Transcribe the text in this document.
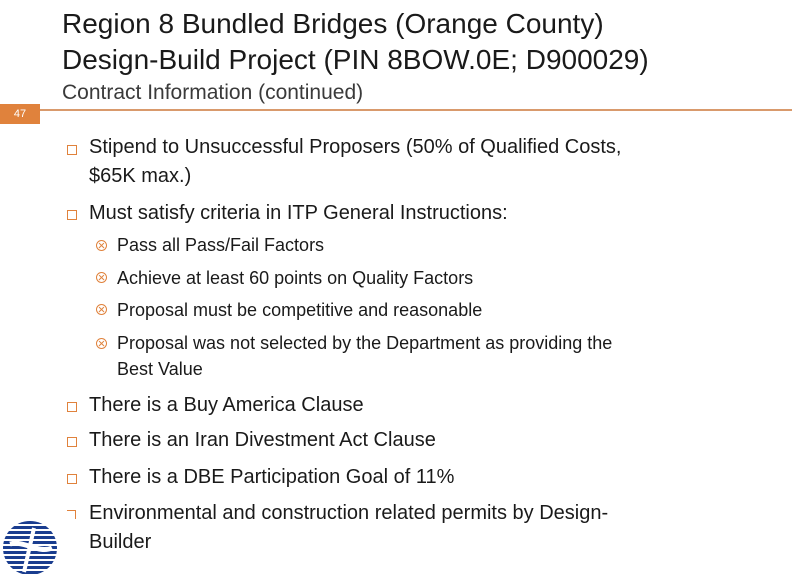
Region 8 Bundled Bridges (Orange County)
Design-Build Project (PIN 8BOW.0E; D900029)
Contract Information (continued)
47
Stipend to Unsuccessful Proposers (50% of Qualified Costs,
$65K max.)
Must satisfy criteria in ITP General Instructions:
Pass all Pass/Fail Factors
Achieve at least 60 points on Quality Factors
Proposal must be competitive and reasonable
Proposal was not selected by the Department as providing the
Best Value
There is a Buy America Clause
There is an Iran Divestment Act Clause
There is a DBE Participation Goal of 11%
Environmental and construction related permits by Design-
Builder
